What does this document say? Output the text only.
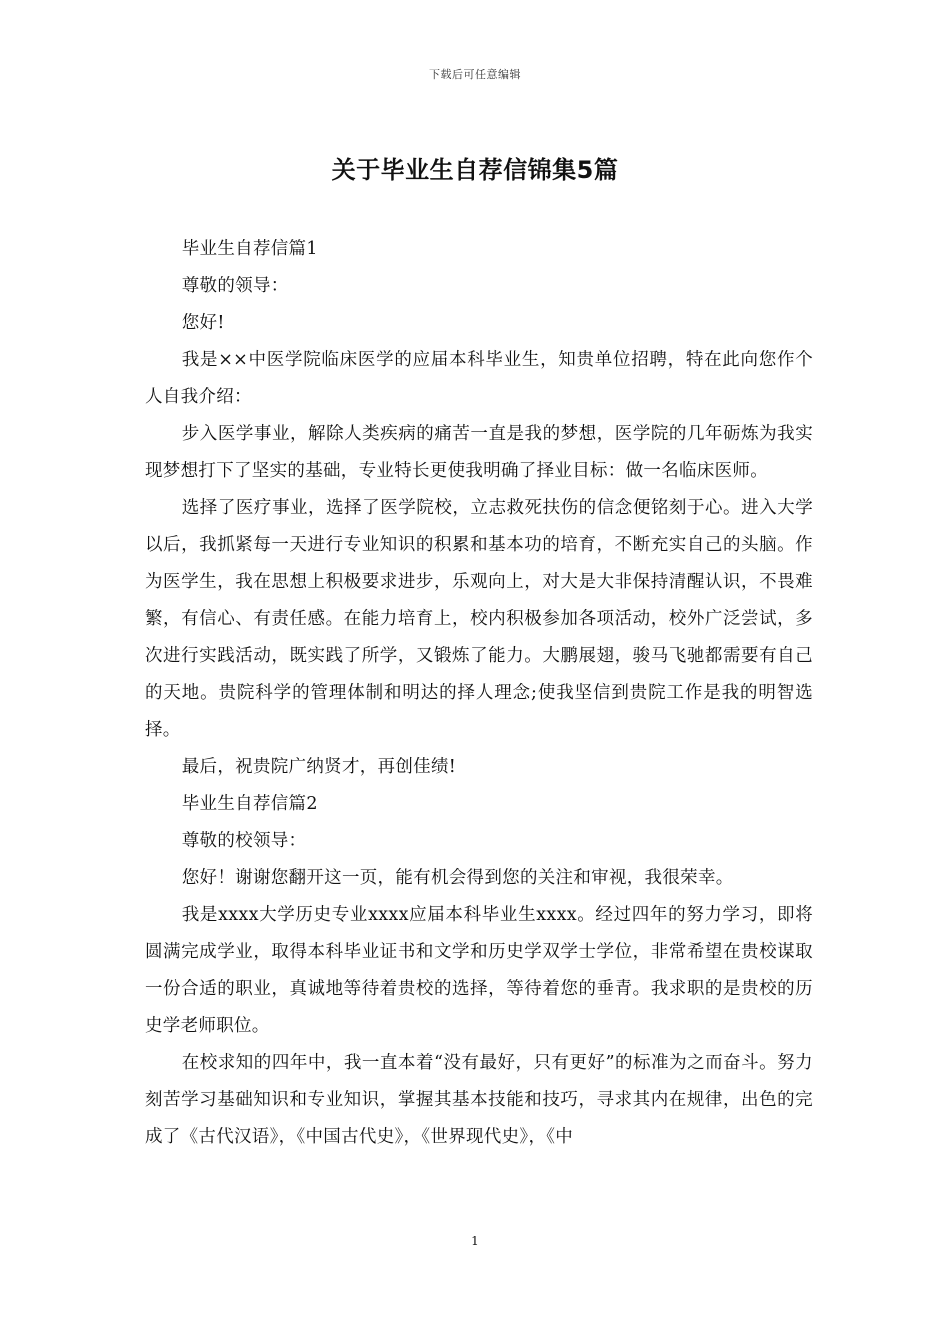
下载后可任意编辑
关于毕业生自荐信锦集5篇

毕业生自荐信篇1

尊敬的领导：

您好!

我是××中医学院临床医学的应届本科毕业生，知贵单位招聘，特在此向您作个人自我介绍：

步入医学事业，解除人类疾病的痛苦一直是我的梦想，医学院的几年砺炼为我实现梦想打下了坚实的基础，专业特长更使我明确了择业目标：做一名临床医师。

选择了医疗事业，选择了医学院校，立志救死扶伤的信念便铭刻于心。进入大学以后，我抓紧每一天进行专业知识的积累和基本功的培育，不断充实自己的头脑。作为医学生，我在思想上积极要求进步，乐观向上，对大是大非保持清醒认识，不畏难繁，有信心、有责任感。在能力培育上，校内积极参加各项活动，校外广泛尝试，多次进行实践活动，既实践了所学，又锻炼了能力。大鹏展翅，骏马飞驰都需要有自己的天地。贵院科学的管理体制和明达的择人理念;使我坚信到贵院工作是我的明智选择。

最后，祝贵院广纳贤才，再创佳绩!

毕业生自荐信篇2

尊敬的校领导：

您好！谢谢您翻开这一页，能有机会得到您的关注和审视，我很荣幸。

我是xxxx大学历史专业xxxx应届本科毕业生xxxx。经过四年的努力学习，即将圆满完成学业，取得本科毕业证书和文学和历史学双学士学位，非常希望在贵校谋取一份合适的职业，真诚地等待着贵校的选择，等待着您的垂青。我求职的是贵校的历史学老师职位。

在校求知的四年中，我一直本着“没有最好，只有更好”的标准为之而奋斗。努力刻苦学习基础知识和专业知识，掌握其基本技能和技巧，寻求其内在规律，出色的完成了《古代汉语》，《中国古代史》，《世界现代史》，《中

1
